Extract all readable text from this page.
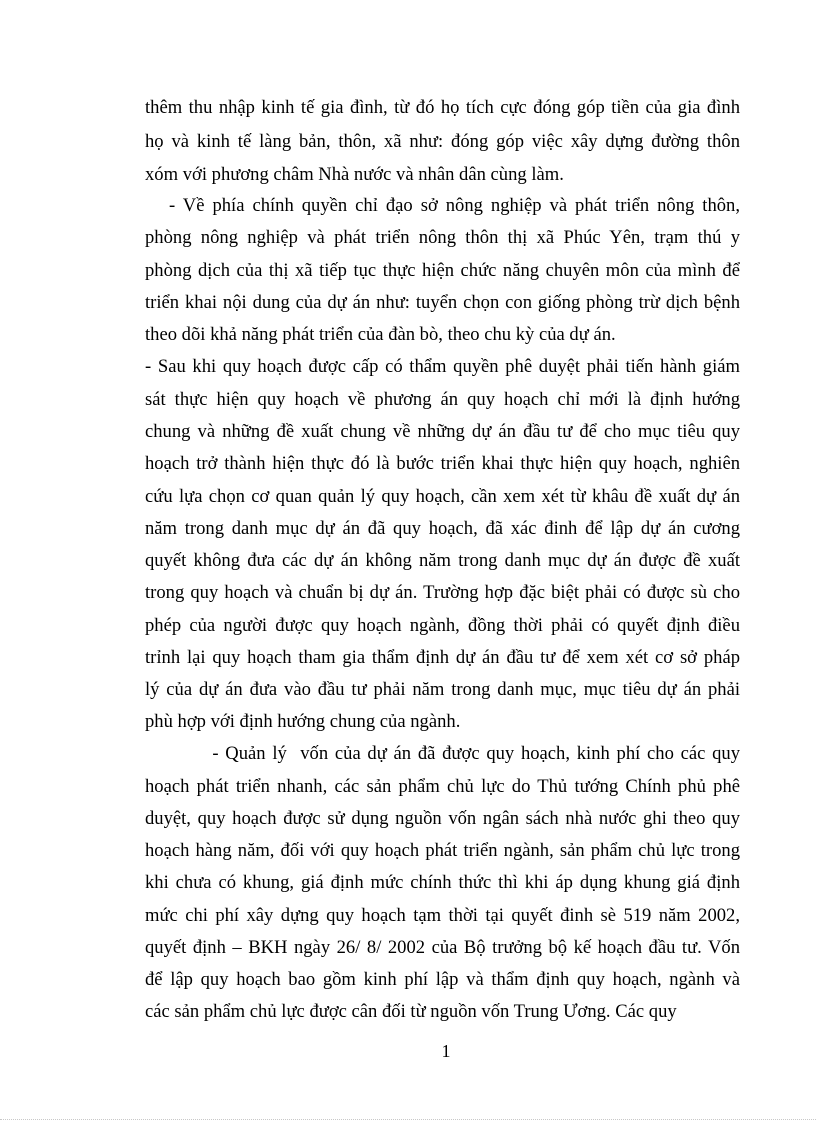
thêm thu nhập kinh tế gia đình, từ đó họ tích cực đóng góp tiền của gia đình
họ và kinh tế làng bản, thôn, xã như: đóng góp việc xây dựng đường thôn
xóm với phương châm Nhà nước và nhân dân cùng làm.
- Về phía chính quyền chỉ đạo sở nông nghiệp và phát triển nông thôn,
phòng nông nghiệp và phát triển nông thôn thị xã Phúc Yên, trạm thú y
phòng dịch của thị xã tiếp tục thực hiện chức năng chuyên môn của mình để
triển khai nội dung của dự án như: tuyển chọn con giống phòng trừ dịch bệnh
theo dõi khả năng phát triển của đàn bò, theo chu kỳ của dự án.
- Sau khi quy hoạch được cấp có thẩm quyền phê duyệt phải tiến hành giám
sát thực hiện quy hoạch về phương án quy hoạch chỉ mới là định hướng
chung và những đề xuất chung về những dự án đầu tư để cho mục tiêu quy
hoạch trở thành hiện thực đó là bước triển khai thực hiện quy hoạch, nghiên
cứu lựa chọn cơ quan quản lý quy hoạch, cần xem xét từ khâu đề xuất dự án
năm trong danh mục dự án đã quy hoạch, đã xác đinh để lập dự án cương
quyết không đưa các dự án không năm trong danh mục dự án được đề xuất
trong quy hoạch và chuẩn bị dự án. Trường hợp đặc biệt phải có được sù cho
phép của người được quy hoạch ngành, đồng thời phải có quyết định điều
trỉnh lại quy hoạch tham gia thẩm định dự án đầu tư để xem xét cơ sở pháp
lý của dự án đưa vào đầu tư phải năm trong danh mục, mục tiêu dự án phải
phù hợp với định hướng chung của ngành.
- Quản lý  vốn của dự án đã được quy hoạch, kinh phí cho các quy
hoạch phát triển nhanh, các sản phẩm chủ lực do Thủ tướng Chính phủ phê
duyệt, quy hoạch được sử dụng nguồn vốn ngân sách nhà nước ghi theo quy
hoạch hàng năm, đối với quy hoạch phát triển ngành, sản phẩm chủ lực trong
khi chưa có khung, giá định mức chính thức thì khi áp dụng khung giá định
mức chi phí xây dựng quy hoạch tạm thời tại quyết đinh sè 519 năm 2002,
quyết định – BKH ngày 26/ 8/ 2002 của Bộ trưởng bộ kế hoạch đầu tư. Vốn
để lập quy hoạch bao gồm kinh phí lập và thẩm định quy hoạch, ngành và
các sản phẩm chủ lực được cân đối từ nguồn vốn Trung Ương. Các quy
1
